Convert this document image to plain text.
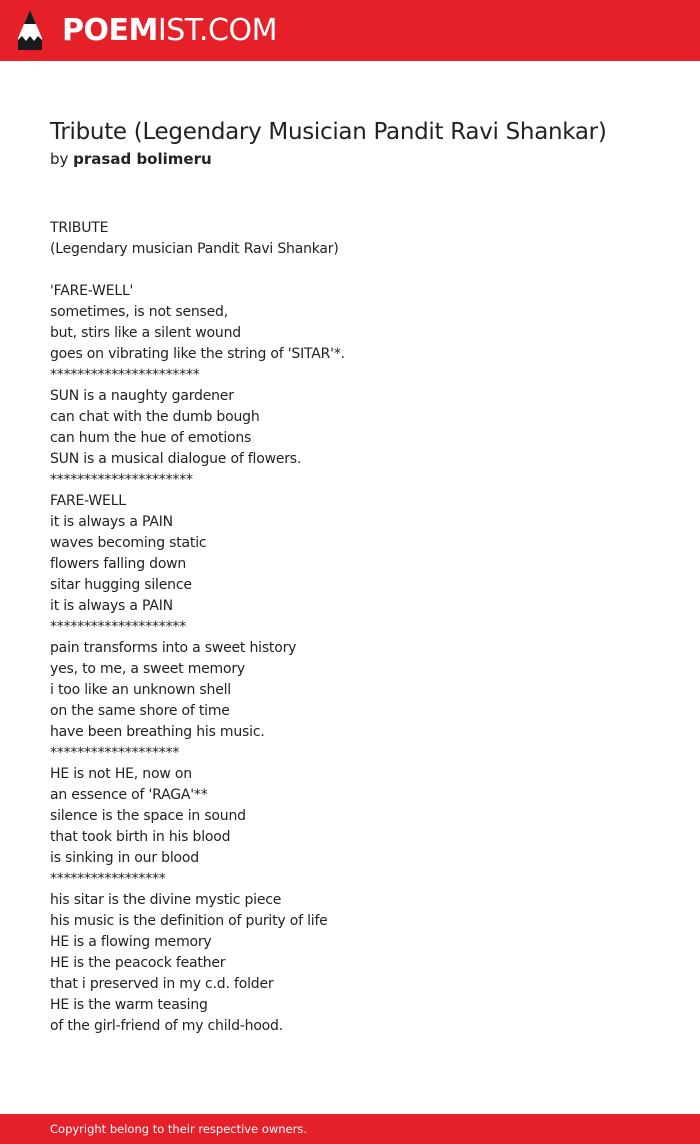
POEMIST.COM
Tribute (Legendary Musician Pandit Ravi Shankar)
by prasad bolimeru
TRIBUTE
(Legendary musician Pandit Ravi Shankar)
'FARE-WELL'
sometimes, is not sensed,
but, stirs like a silent wound
goes on vibrating like the string of 'SITAR'*.
**********************
SUN is a naughty gardener
can chat with the dumb bough
can hum the hue of emotions
SUN is a musical dialogue of flowers.
*********************
FARE-WELL
it is always a PAIN
waves becoming static
flowers falling down
sitar hugging silence
it is always a PAIN
********************
pain transforms into a sweet history
yes, to me, a sweet memory
i too like an unknown shell
on the same shore of time
have been breathing his music.
*******************
HE is not HE, now on
an essence of 'RAGA'**
silence is the space in sound
that took birth in his blood
is sinking in our blood
*****************
his sitar is the divine mystic piece
his music is the definition of purity of life
HE is a flowing memory
HE is the peacock feather
that i preserved in my c.d. folder
HE is the warm teasing
of the girl-friend of my child-hood.
Copyright belong to their respective owners.
